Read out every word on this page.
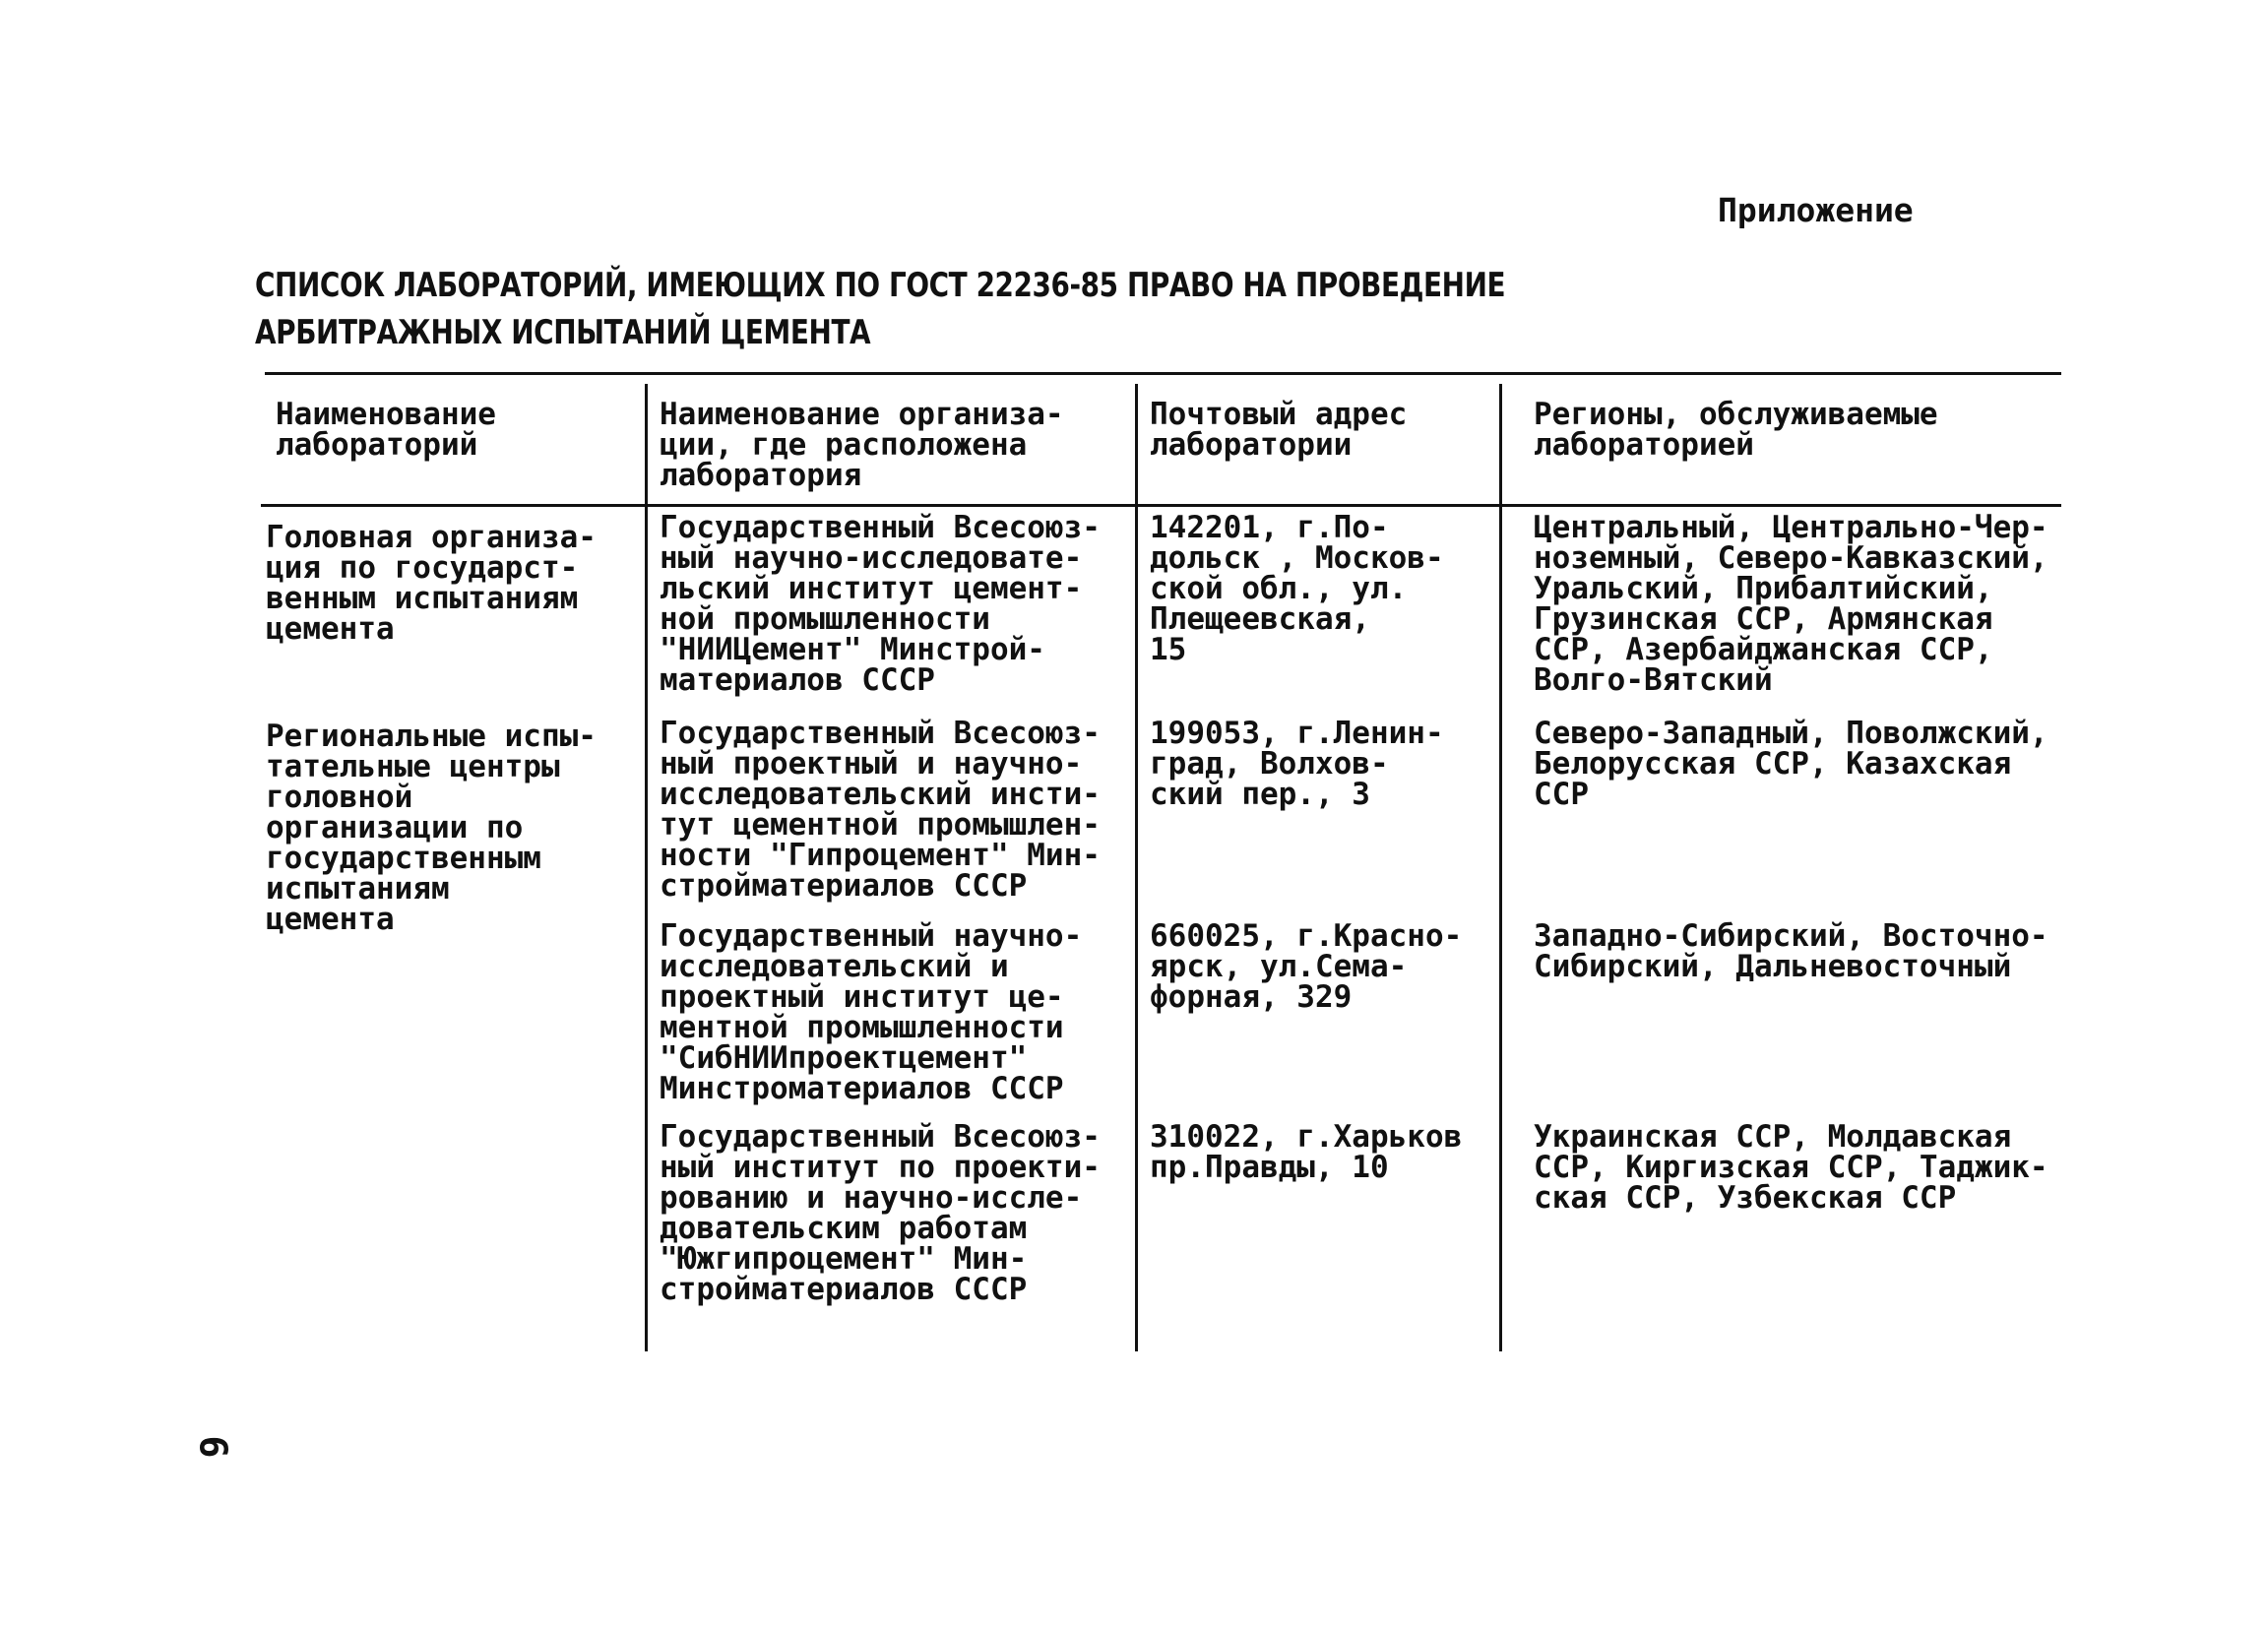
Приложение
СПИСОК ЛАБОРАТОРИЙ, ИМЕЮЩИХ ПО ГОСТ 22236-85 ПРАВО НА ПРОВЕДЕНИЕ
АРБИТРАЖНЫХ ИСПЫТАНИЙ ЦЕМЕНТА
Наименование
лабораторий
Наименование организа-
ции, где расположена
лаборатория
Почтовый адрес
лаборатории
Регионы, обслуживаемые
лабораторией
Головная организа-
ция по государст-
венным испытаниям
цемента
Государственный Всесоюз-
ный научно-исследовате-
льский институт цемент-
ной промышленности
"НИИЦемент" Минстрой-
материалов СССР
142201, г.По-
дольск , Москов-
ской обл., ул.
Плещеевская,
15
Центральный, Центрально-Чер-
ноземный, Северо-Кавказский,
Уральский, Прибалтийский,
Грузинская ССР, Армянская
ССР, Азербайджанская ССР,
Волго-Вятский
Региональные испы-
тательные центры
головной
организации по
государственным
испытаниям
цемента
Государственный Всесоюз-
ный проектный и научно-
исследовательский инсти-
тут цементной промышлен-
ности "Гипроцемент" Мин-
стройматериалов СССР
199053, г.Ленин-
град, Волхов-
ский пер., 3
Северо-Западный, Поволжский,
Белорусская ССР, Казахская
ССР
Государственный научно-
исследовательский и
проектный институт це-
ментной промышленности
"СибНИИпроектцемент"
Минстроматериалов СССР
660025, г.Красно-
ярск, ул.Сема-
форная, 329
Западно-Сибирский, Восточно-
Сибирский, Дальневосточный
Государственный Всесоюз-
ный институт по проекти-
рованию и научно-иссле-
довательским работам
"Южгипроцемент" Мин-
стройматериалов СССР
310022, г.Харьков
пр.Правды, 10
Украинская ССР, Молдавская
ССР, Киргизская ССР, Таджик-
ская ССР, Узбекская ССР
6
